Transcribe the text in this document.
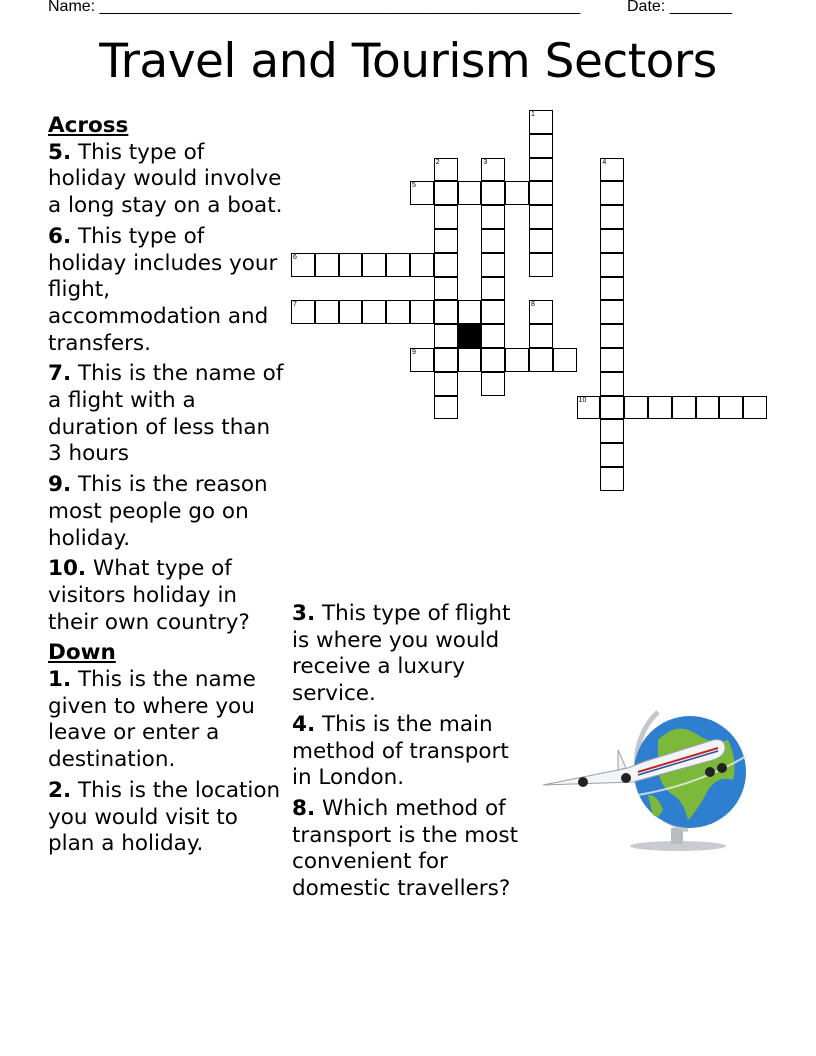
Name: ______________________________________________________	Date: _______
Travel and Tourism Sectors
Across

5. This type of holiday would involve a long stay on a boat.

6. This type of holiday includes your flight, accommodation and transfers.

7. This is the name of a flight with a duration of less than 3 hours

9. This is the reason most people go on holiday.

10. What type of visitors holiday in their own country?

Down

1. This is the name given to where you leave or enter a destination.

2. This is the location you would visit to plan a holiday.

3. This type of flight is where you would receive a luxury service.

4. This is the main method of transport in London.

8. Which method of transport is the most convenient for domestic travellers?

1
2	3	4
5
6
7	8
9
10
